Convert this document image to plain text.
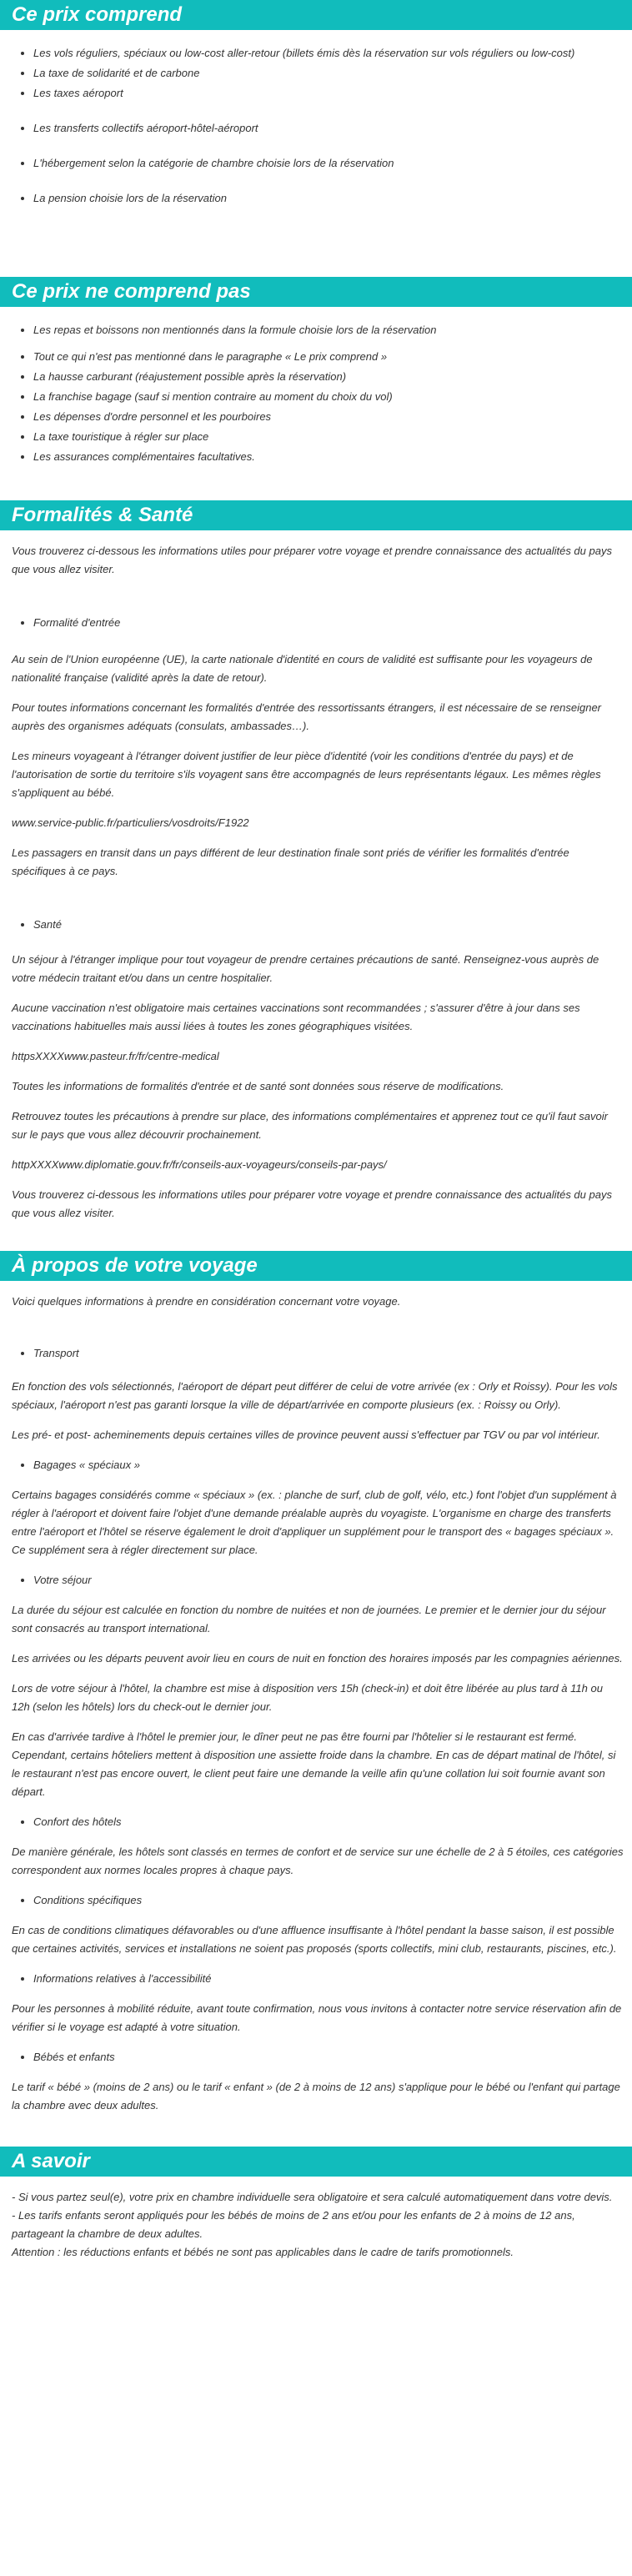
Ce prix comprend
• Les vols réguliers, spéciaux ou low-cost aller-retour (billets émis dès la réservation sur vols réguliers ou low-cost)
• La taxe de solidarité et de carbone
• Les taxes aéroport
• Les transferts collectifs aéroport-hôtel-aéroport
• L'hébergement selon la catégorie de chambre choisie lors de la réservation
• La pension choisie lors de la réservation
Ce prix ne comprend pas
• Les repas et boissons non mentionnés dans la formule choisie lors de la réservation
• Tout ce qui n'est pas mentionné dans le paragraphe « Le prix comprend »
• La hausse carburant (réajustement possible après la réservation)
• La franchise bagage (sauf si mention contraire au moment du choix du vol)
• Les dépenses d'ordre personnel et les pourboires
• La taxe touristique à régler sur place
• Les assurances complémentaires facultatives.
Formalités & Santé

Vous trouverez ci-dessous les informations utiles pour préparer votre voyage et prendre connaissance des actualités du pays que vous allez visiter.

• Formalité d'entrée

Au sein de l'Union européenne (UE), la carte nationale d'identité en cours de validité est suffisante pour les voyageurs de nationalité française (validité après la date de retour).

Pour toutes informations concernant les formalités d'entrée des ressortissants étrangers, il est nécessaire de se renseigner auprès des organismes adéquats (consulats, ambassades…).

Les mineurs voyageant à l'étranger doivent justifier de leur pièce d'identité (voir les conditions d'entrée du pays) et de l'autorisation de sortie du territoire s'ils voyagent sans être accompagnés de leurs représentants légaux. Les mêmes règles s'appliquent au bébé.

www.service-public.fr/particuliers/vosdroits/F1922

Les passagers en transit dans un pays différent de leur destination finale sont priés de vérifier les formalités d'entrée spécifiques à ce pays.

• Santé

Un séjour à l'étranger implique pour tout voyageur de prendre certaines précautions de santé. Renseignez-vous auprès de votre médecin traitant et/ou dans un centre hospitalier.

Aucune vaccination n'est obligatoire mais certaines vaccinations sont recommandées ; s'assurer d'être à jour dans ses vaccinations habituelles mais aussi liées à toutes les zones géographiques visitées.

httpsXXXXwww.pasteur.fr/fr/centre-medical

Toutes les informations de formalités d'entrée et de santé sont données sous réserve de modifications.

Retrouvez toutes les précautions à prendre sur place, des informations complémentaires et apprenez tout ce qu'il faut savoir sur le pays que vous allez découvrir prochainement.

httpXXXXwww.diplomatie.gouv.fr/fr/conseils-aux-voyageurs/conseils-par-pays/

Vous trouverez ci-dessous les informations utiles pour préparer votre voyage et prendre connaissance des actualités du pays que vous allez visiter.

À propos de votre voyage

Voici quelques informations à prendre en considération concernant votre voyage.

• Transport

En fonction des vols sélectionnés, l'aéroport de départ peut différer de celui de votre arrivée (ex : Orly et Roissy). Pour les vols spéciaux, l'aéroport n'est pas garanti lorsque la ville de départ/arrivée en comporte plusieurs (ex. : Roissy ou Orly).

Les pré- et post- acheminements depuis certaines villes de province peuvent aussi s'effectuer par TGV ou par vol intérieur.

• Bagages « spéciaux »

Certains bagages considérés comme « spéciaux » (ex. : planche de surf, club de golf, vélo, etc.) font l'objet d'un supplément à régler à l'aéroport et doivent faire l'objet d'une demande préalable auprès du voyagiste. L'organisme en charge des transferts entre l'aéroport et l'hôtel se réserve également le droit d'appliquer un supplément pour le transport des « bagages spéciaux ». Ce supplément sera à régler directement sur place.

• Votre séjour

La durée du séjour est calculée en fonction du nombre de nuitées et non de journées. Le premier et le dernier jour du séjour sont consacrés au transport international.

Les arrivées ou les départs peuvent avoir lieu en cours de nuit en fonction des horaires imposés par les compagnies aériennes.

Lors de votre séjour à l'hôtel, la chambre est mise à disposition vers 15h (check-in) et doit être libérée au plus tard à 11h ou 12h (selon les hôtels) lors du check-out le dernier jour.

En cas d'arrivée tardive à l'hôtel le premier jour, le dîner peut ne pas être fourni par l'hôtelier si le restaurant est fermé. Cependant, certains hôteliers mettent à disposition une assiette froide dans la chambre. En cas de départ matinal de l'hôtel, si le restaurant n'est pas encore ouvert, le client peut faire une demande la veille afin qu'une collation lui soit fournie avant son départ.

• Confort des hôtels

De manière générale, les hôtels sont classés en termes de confort et de service sur une échelle de 2 à 5 étoiles, ces catégories correspondent aux normes locales propres à chaque pays.

• Conditions spécifiques

En cas de conditions climatiques défavorables ou d'une affluence insuffisante à l'hôtel pendant la basse saison, il est possible que certaines activités, services et installations ne soient pas proposés (sports collectifs, mini club, restaurants, piscines, etc.).

• Informations relatives à l'accessibilité

Pour les personnes à mobilité réduite, avant toute confirmation, nous vous invitons à contacter notre service réservation afin de vérifier si le voyage est adapté à votre situation.

• Bébés et enfants

Le tarif « bébé » (moins de 2 ans) ou le tarif « enfant » (de 2 à moins de 12 ans) s'applique pour le bébé ou l'enfant qui partage la chambre avec deux adultes.

A savoir

- Si vous partez seul(e), votre prix en chambre individuelle sera obligatoire et sera calculé automatiquement dans votre devis.

- Les tarifs enfants seront appliqués pour les bébés de moins de 2 ans et/ou pour les enfants de 2 à moins de 12 ans, partageant la chambre de deux adultes.

Attention : les réductions enfants et bébés ne sont pas applicables dans le cadre de tarifs promotionnels.
